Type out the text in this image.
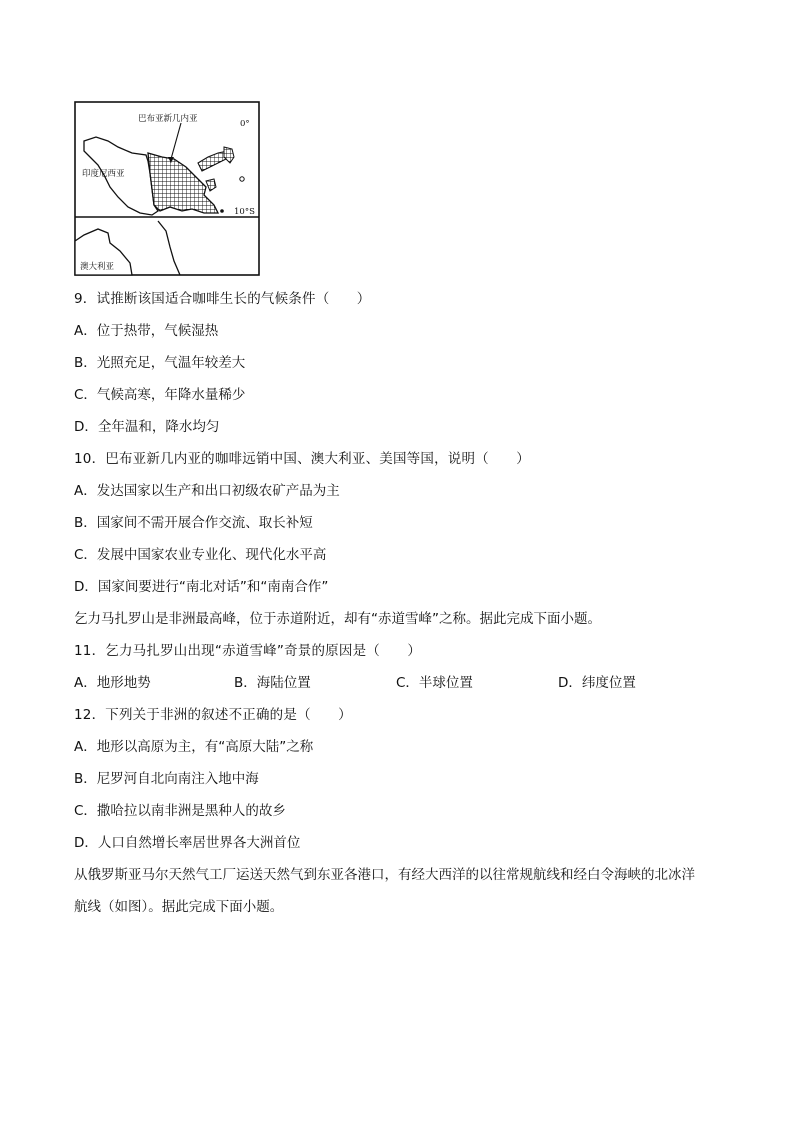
巴布亚新几内亚	0°
印度尼西亚
10°S
澳大利亚
9．试推断该国适合咖啡生长的气候条件（　　）
A．位于热带，气候湿热
B．光照充足，气温年较差大
C．气候高寒，年降水量稀少
D．全年温和，降水均匀
10．巴布亚新几内亚的咖啡远销中国、澳大利亚、美国等国，说明（　　）
A．发达国家以生产和出口初级农矿产品为主
B．国家间不需开展合作交流、取长补短
C．发展中国家农业专业化、现代化水平高
D．国家间要进行“南北对话”和“南南合作”
乞力马扎罗山是非洲最高峰，位于赤道附近，却有“赤道雪峰”之称。据此完成下面小题。
11．乞力马扎罗山出现“赤道雪峰”奇景的原因是（　　）
A．地形地势	B．海陆位置	C．半球位置	D．纬度位置
12．下列关于非洲的叙述不正确的是（　　）
A．地形以高原为主，有“高原大陆”之称
B．尼罗河自北向南注入地中海
C．撒哈拉以南非洲是黑种人的故乡
D．人口自然增长率居世界各大洲首位
从俄罗斯亚马尔天然气工厂运送天然气到东亚各港口，有经大西洋的以往常规航线和经白令海峡的北冰洋
航线（如图）。据此完成下面小题。
